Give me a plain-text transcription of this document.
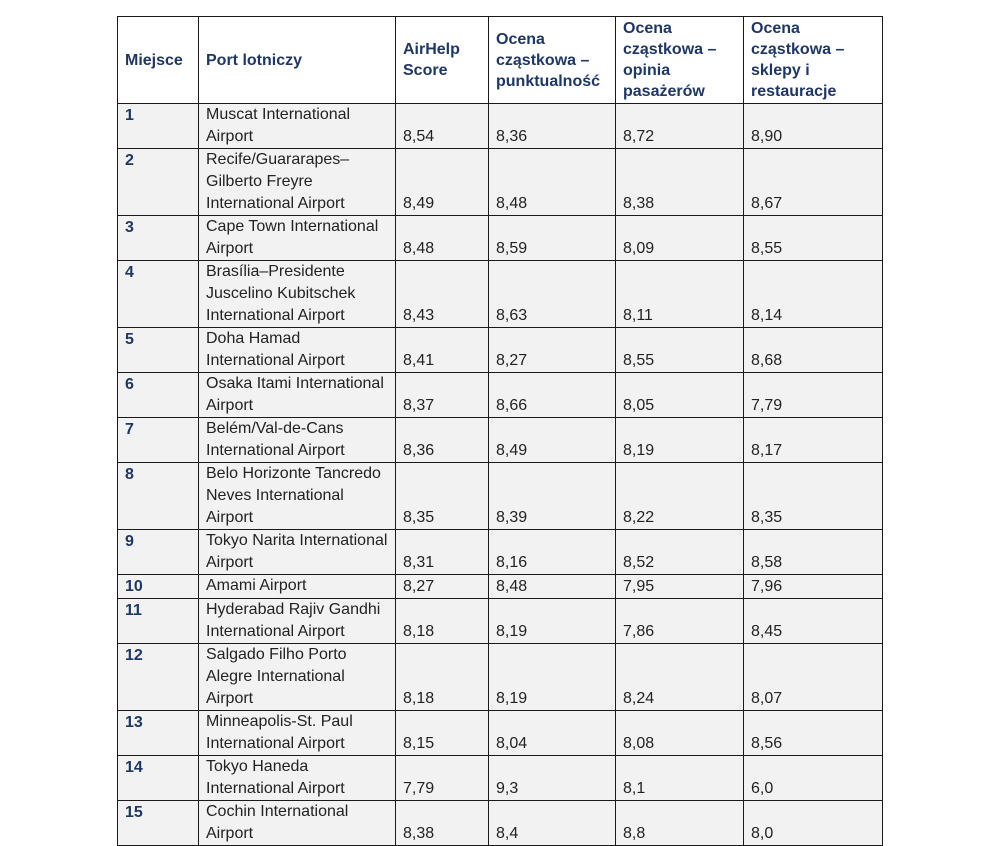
Miejsce	Port lotniczy	AirHelp Score	Ocena cząstkowa – punktualność	Ocena cząstkowa – opinia pasażerów	Ocena cząstkowa – sklepy i restauracje
1	Muscat International Airport	8,54	8,36	8,72	8,90
2	Recife/Guararapes–Gilberto Freyre International Airport	8,49	8,48	8,38	8,67
3	Cape Town International Airport	8,48	8,59	8,09	8,55
4	Brasília–Presidente Juscelino Kubitschek International Airport	8,43	8,63	8,11	8,14
5	Doha Hamad International Airport	8,41	8,27	8,55	8,68
6	Osaka Itami International Airport	8,37	8,66	8,05	7,79
7	Belém/Val-de-Cans International Airport	8,36	8,49	8,19	8,17
8	Belo Horizonte Tancredo Neves International Airport	8,35	8,39	8,22	8,35
9	Tokyo Narita International Airport	8,31	8,16	8,52	8,58
10	Amami Airport	8,27	8,48	7,95	7,96
11	Hyderabad Rajiv Gandhi International Airport	8,18	8,19	7,86	8,45
12	Salgado Filho Porto Alegre International Airport	8,18	8,19	8,24	8,07
13	Minneapolis-St. Paul International Airport	8,15	8,04	8,08	8,56
14	Tokyo Haneda International Airport	7,79	9,3	8,1	6,0
15	Cochin International Airport	8,38	8,4	8,8	8,0
